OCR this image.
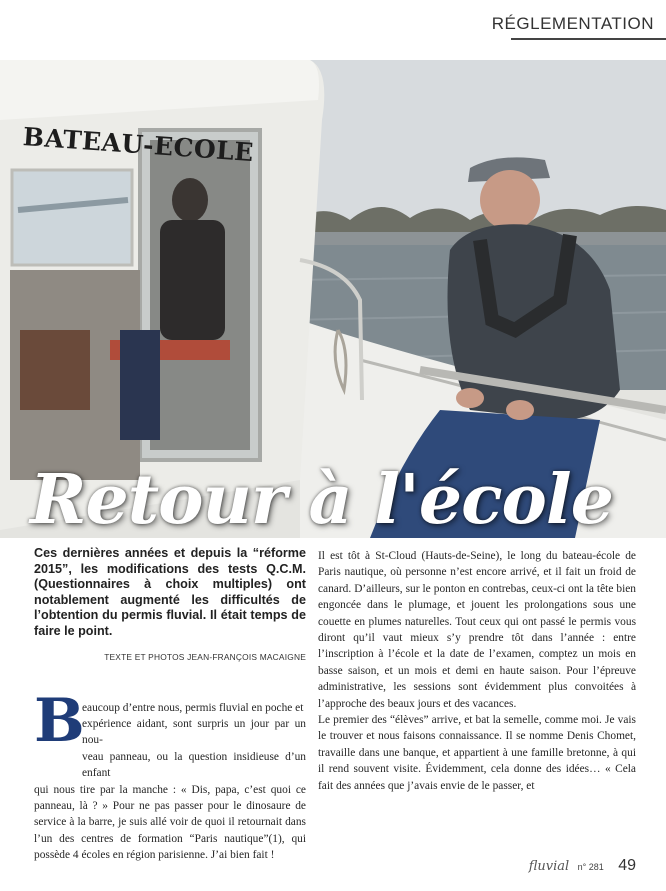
RÉGLEMENTATION
BATEAU-ECOLE
Retour à l'école
Ces dernières années et depuis la “réforme 2015”, les modifications des tests Q.C.M. (Questionnaires à choix multiples) ont notablement augmenté les difficultés de l’obtention du permis fluvial. Il était temps de faire le point.
TEXTE ET PHOTOS JEAN-FRANÇOIS MACAIGNE
B
eaucoup d’entre nous, permis fluvial en poche et
expérience aidant, sont surpris un jour par un nou-
veau panneau, ou la question insidieuse d’un enfant
qui nous tire par la manche : « Dis, papa, c’est quoi ce panneau, là ? » Pour ne pas passer pour le dinosaure de service à la barre, je suis allé voir de quoi il retournait dans l’un des centres de formation “Paris nautique”(1), qui possède 4 écoles en région parisienne. J’ai bien fait !

Il est tôt à St-Cloud (Hauts-de-Seine), le long du bateau-école de Paris nautique, où personne n’est encore arrivé, et il fait un froid de canard. D’ailleurs, sur le ponton en contrebas, ceux-ci ont la tête bien engoncée dans le plumage, et jouent les prolongations sous une couette en plumes naturelles. Tout ceux qui ont passé le permis vous diront qu’il vaut mieux s’y prendre tôt dans l’année : entre l’inscription à l’école et la date de l’examen, comptez un mois en basse saison, et un mois et demi en haute saison. Pour l’épreuve administrative, les sessions sont évidemment plus convoitées à l’approche des beaux jours et des vacances.

Le premier des “élèves” arrive, et bat la semelle, comme moi. Je vais le trouver et nous faisons connaissance. Il se nomme Denis Chomet, travaille dans une banque, et appartient à une famille bretonne, à qui il rend souvent visite. Évidemment, cela donne des idées… « Cela fait des années que j’avais envie de le passer, et

fluvial n° 281 49
